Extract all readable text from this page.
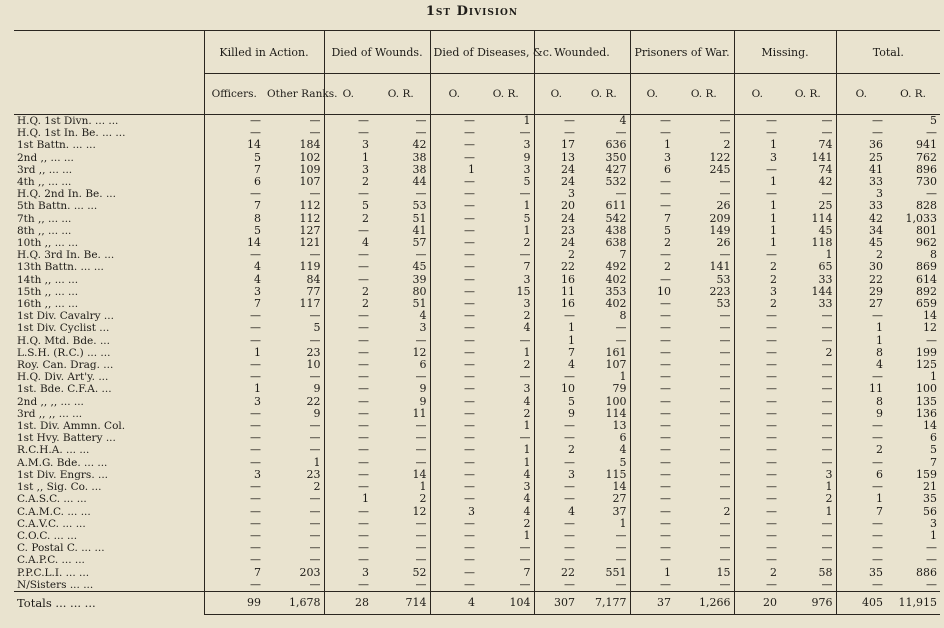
1st Division
	Killed in Action.		Died of Wounds.		Died of Diseases, &c.		Wounded.		Prisoners of War.		Missing.		Total.	
	Officers.	Other Ranks.	O.	O. R.	O.	O. R.	O.	O. R.	O.	O. R.	O.	O. R.	O.	O. R.
H.Q. 1st Divn. ... ...	—	—	—	—	—	1	—	4	—	—	—	—	—	5
H.Q. 1st In. Be. ... ...	—	—	—	—	—	—	—	—	—	—	—	—	—	—
1st Battn. ... ...	14	184	3	42	—	3	17	636	1	2	1	74	36	941
2nd ,, ... ...	5	102	1	38	—	9	13	350	3	122	3	141	25	762
3rd ,, ... ...	7	109	3	38	1	3	24	427	6	245	—	74	41	896
4th ,, ... ...	6	107	2	44	—	5	24	532	—	—	1	42	33	730
H.Q. 2nd In. Be. ...	—	—	—	—	—	—	3	—	—	—	—	—	3	—
5th Battn. ... ...	7	112	5	53	—	1	20	611	—	26	1	25	33	828
7th ,, ... ...	8	112	2	51	—	5	24	542	7	209	1	114	42	1,033
8th ,, ... ...	5	127	—	41	—	1	23	438	5	149	1	45	34	801
10th ,, ... ...	14	121	4	57	—	2	24	638	2	26	1	118	45	962
H.Q. 3rd In. Be. ...	—	—	—	—	—	—	2	7	—	—	—	1	2	8
13th Battn. ... ...	4	119	—	45	—	7	22	492	2	141	2	65	30	869
14th ,, ... ...	4	84	—	39	—	3	16	402	—	53	2	33	22	614
15th ,, ... ...	3	77	2	80	—	15	11	353	10	223	3	144	29	892
16th ,, ... ...	7	117	2	51	—	3	16	402	—	53	2	33	27	659
1st Div. Cavalry ...	—	—	—	4	—	2	—	8	—	—	—	—	—	14
1st Div. Cyclist ...	—	5	—	3	—	4	1	—	—	—	—	—	1	12
H.Q. Mtd. Bde. ...	—	—	—	—	—	—	1	—	—	—	—	—	1	—
L.S.H. (R.C.) ... ...	1	23	—	12	—	1	7	161	—	—	—	2	8	199
Roy. Can. Drag. ...	—	10	—	6	—	2	4	107	—	—	—	—	4	125
H.Q. Div. Art'y. ...	—	—	—	—	—	—	—	1	—	—	—	—	—	1
1st. Bde. C.F.A. ...	1	9	—	9	—	3	10	79	—	—	—	—	11	100
2nd ,, ,, ... ...	3	22	—	9	—	4	5	100	—	—	—	—	8	135
3rd ,, ,, ... ...	—	9	—	11	—	2	9	114	—	—	—	—	9	136
1st. Div. Ammn. Col.	—	—	—	—	—	1	—	13	—	—	—	—	—	14
1st Hvy. Battery ...	—	—	—	—	—	—	—	6	—	—	—	—	—	6
R.C.H.A. ... ...	—	—	—	—	—	1	2	4	—	—	—	—	2	5
A.M.G. Bde. ... ...	—	1	—	—	—	1	—	5	—	—	—	—	—	7
1st Div. Engrs. ...	3	23	—	14	—	4	3	115	—	—	—	3	6	159
1st ,, Sig. Co. ...	—	2	—	1	—	3	—	14	—	—	—	1	—	21
C.A.S.C. ... ...	—	—	1	2	—	4	—	27	—	—	—	2	1	35
C.A.M.C. ... ...	—	—	—	12	3	4	4	37	—	2	—	1	7	56
C.A.V.C. ... ...	—	—	—	—	—	2	—	1	—	—	—	—	—	3
C.O.C. ... ...	—	—	—	—	—	1	—	—	—	—	—	—	—	1
C. Postal C. ... ...	—	—	—	—	—	—	—	—	—	—	—	—	—	—
C.A.P.C. ... ...	—	—	—	—	—	—	—	—	—	—	—	—	—	—
P.P.C.L.I. ... ...	7	203	3	52	—	7	22	551	1	15	2	58	35	886
N/Sisters ... ...	—	—	—	—	—	—	—	—	—	—	—	—	—	—
Totals ... ... ...	99	1,678	28	714	4	104	307	7,177	37	1,266	20	976	405	11,915
